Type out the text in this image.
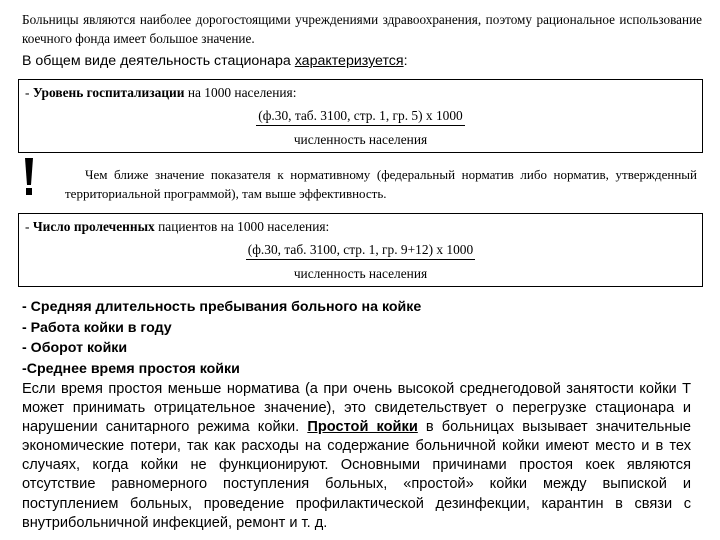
Больницы являются наиболее дорогостоящими учреждениями здравоохранения, поэтому рациональное использование коечного фонда имеет большое значение.
В общем виде деятельность стационара характеризуется:
- Уровень госпитализации на 1000 населения:
(ф.30, таб. 3100, стр. 1, гр. 5) х 1000
численность населения
Чем ближе значение показателя к нормативному (федеральный норматив либо норматив, утвержденный территориальной программой), там выше эффективность.
- Число пролеченных пациентов на 1000 населения:
(ф.30, таб. 3100, стр. 1, гр. 9+12) х 1000
численность населения
- Средняя длительность пребывания больного на койке
- Работа койки в году
- Оборот койки
-Среднее время простоя койки
Если время простоя меньше норматива (а при очень высокой среднегодовой занятости койки Т может принимать отрицательное значение), это свидетельствует о перегрузке стационара и нарушении санитарного режима койки. Простой койки в больницах вызывает значительные экономические потери, так как расходы на содержание больничной койки имеют место и в тех случаях, когда койки не функционируют. Основными причинами простоя коек являются отсутствие равномерного поступления больных, «простой» койки между выпиской и поступлением больных, проведение профилактической дезинфекции, карантин в связи с внутрибольничной инфекцией, ремонт и т. д.
